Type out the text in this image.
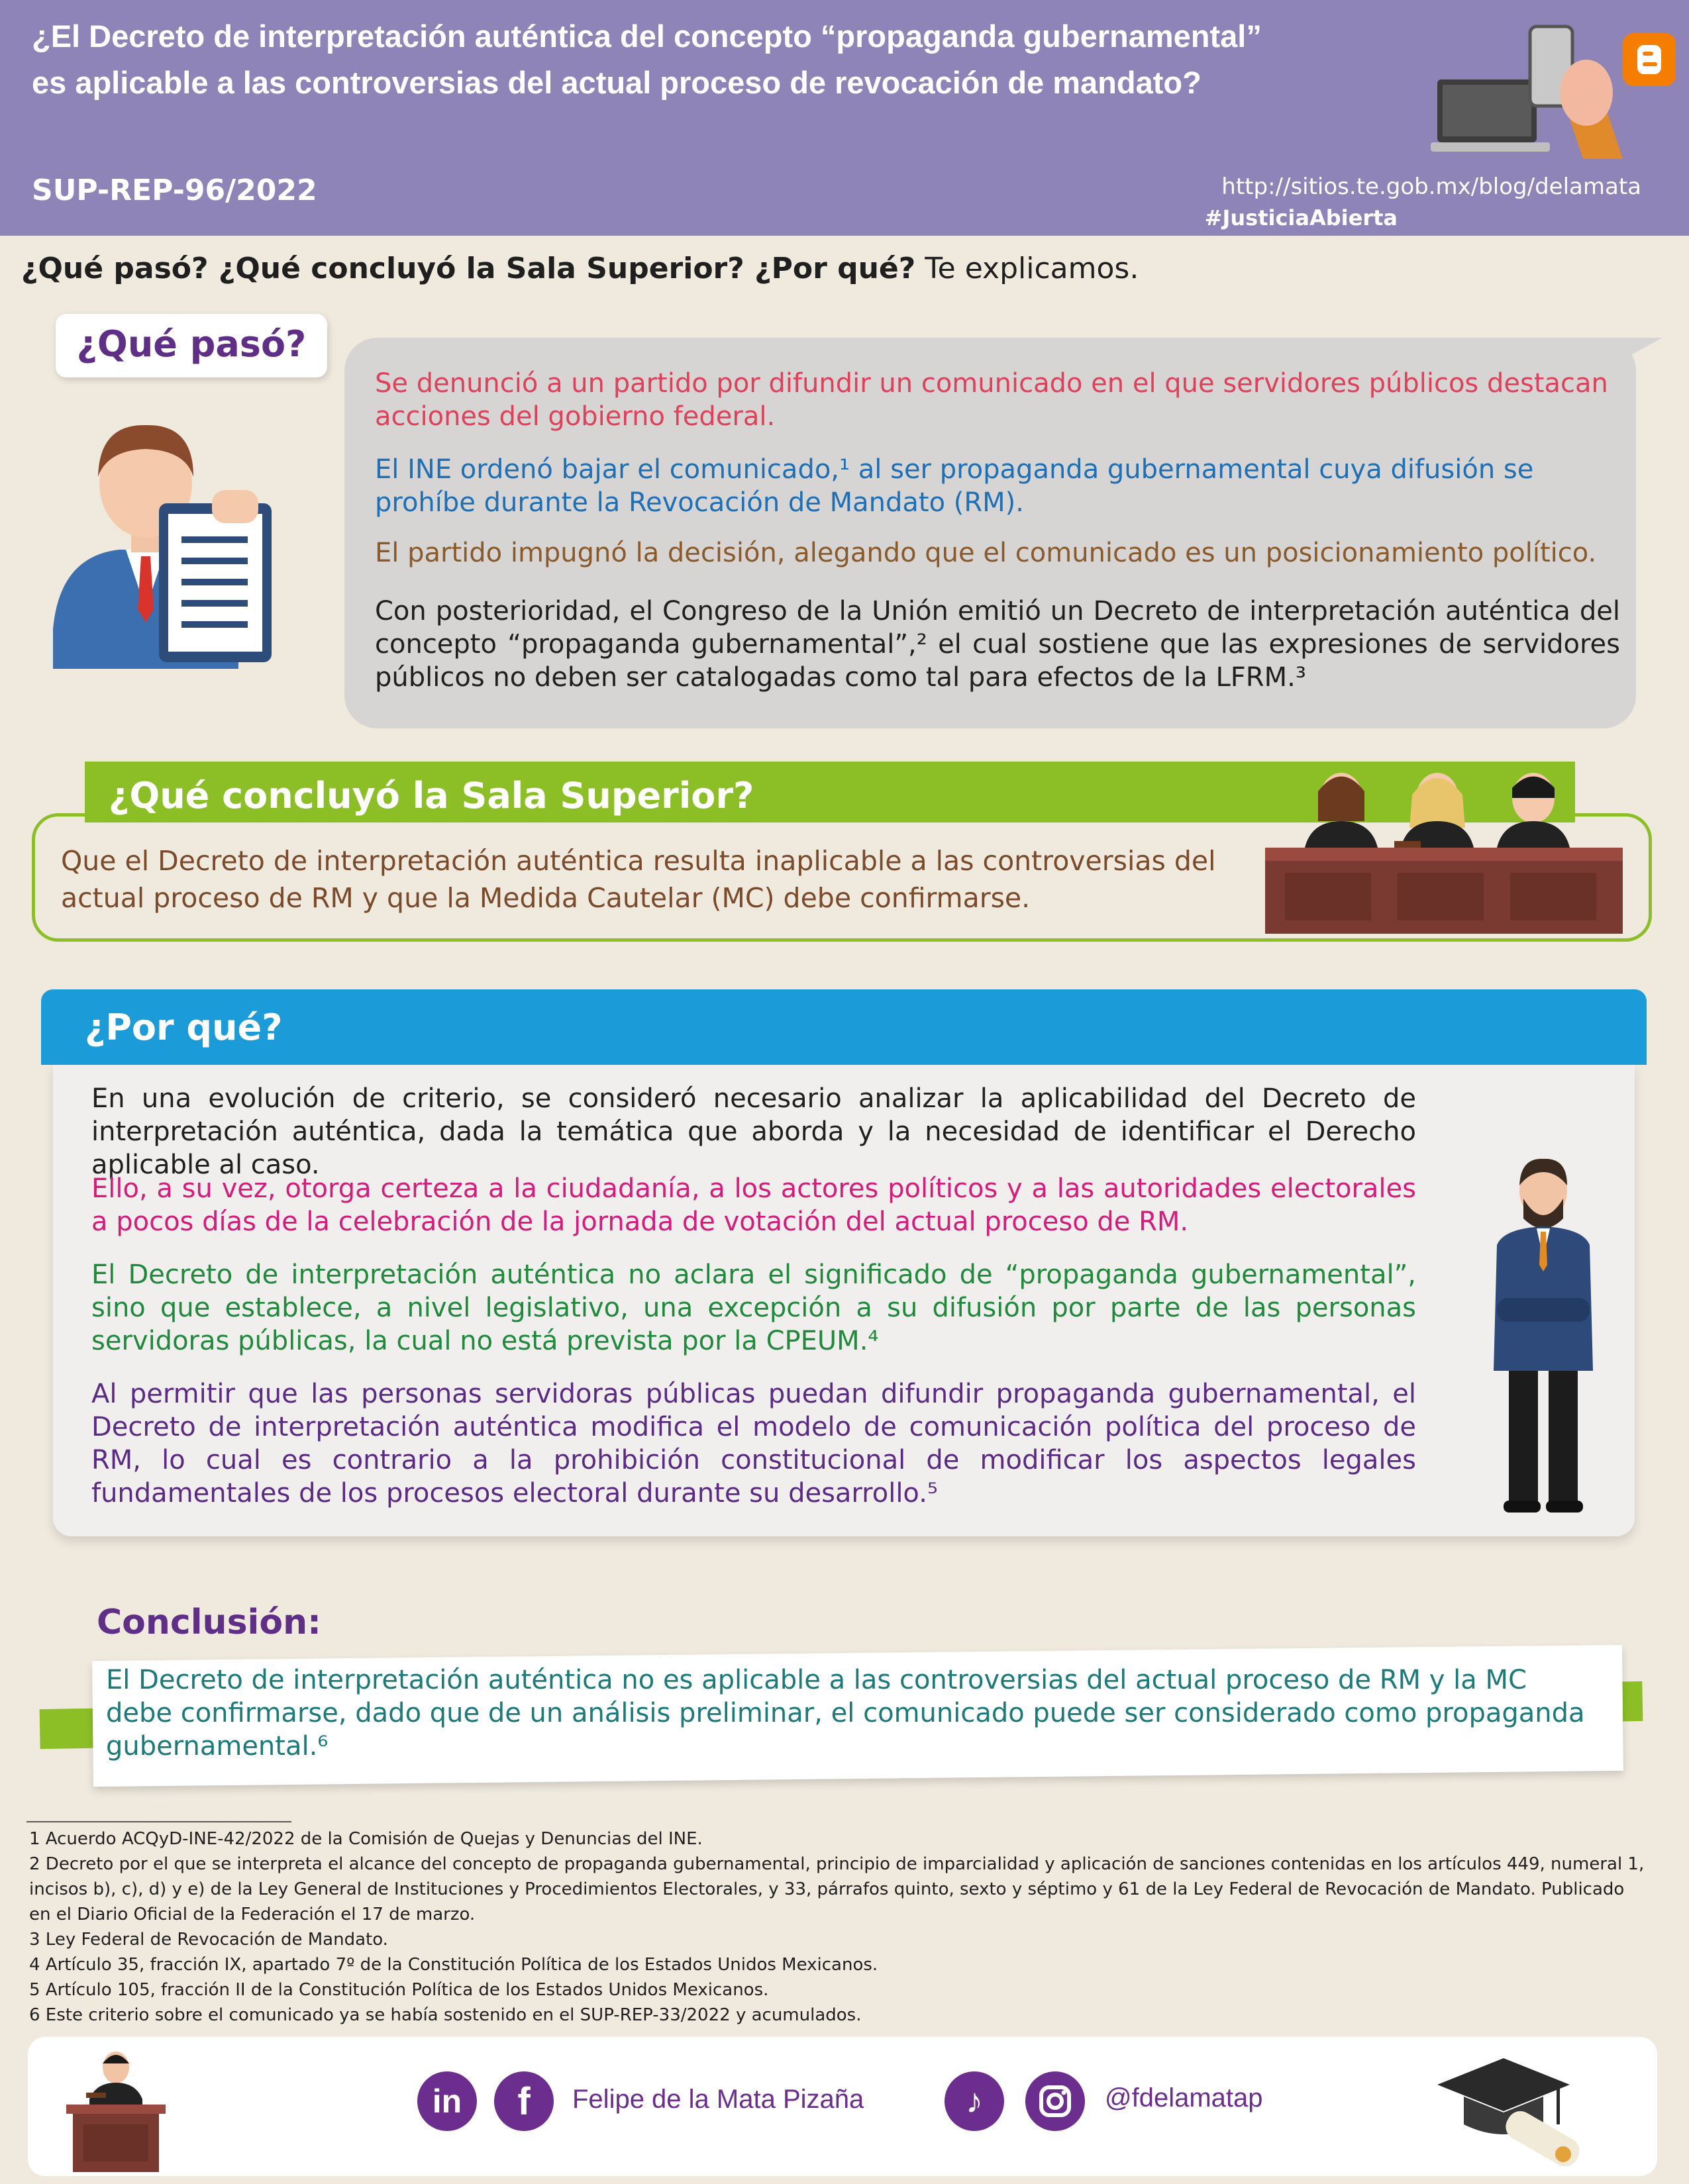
¿El Decreto de interpretación auténtica del concepto “propaganda gubernamental”
es aplicable a las controversias del actual proceso de revocación de mandato?
SUP-REP-96/2022	http://sitios.te.gob.mx/blog/delamata
#JusticiaAbierta
¿Qué pasó? ¿Qué concluyó la Sala Superior? ¿Por qué? Te explicamos.
¿Qué pasó?
Se denunció a un partido por difundir un comunicado en el que servidores públicos destacan acciones del gobierno federal.
El INE ordenó bajar el comunicado,¹ al ser propaganda gubernamental cuya difusión se prohíbe durante la Revocación de Mandato (RM).
El partido impugnó la decisión, alegando que el comunicado es un posicionamiento político.
Con posterioridad, el Congreso de la Unión emitió un Decreto de interpretación auténtica del concepto “propaganda gubernamental”,² el cual sostiene que las expresiones de servidores públicos no deben ser catalogadas como tal para efectos de la LFRM.³
¿Qué concluyó la Sala Superior?
Que el Decreto de interpretación auténtica resulta inaplicable a las controversias del actual proceso de RM y que la Medida Cautelar (MC) debe confirmarse.
¿Por qué?
En una evolución de criterio, se consideró necesario analizar la aplicabilidad del Decreto de interpretación auténtica, dada la temática que aborda y la necesidad de identificar el Derecho aplicable al caso.
Ello, a su vez, otorga certeza a la ciudadanía, a los actores políticos y a las autoridades electorales a pocos días de la celebración de la jornada de votación del actual proceso de RM.
El Decreto de interpretación auténtica no aclara el significado de “propaganda gubernamental”, sino que establece, a nivel legislativo, una excepción a su difusión por parte de las personas servidoras públicas, la cual no está prevista por la CPEUM.⁴
Al permitir que las personas servidoras públicas puedan difundir propaganda gubernamental, el Decreto de interpretación auténtica modifica el modelo de comunicación política del proceso de RM, lo cual es contrario a la prohibición constitucional de modificar los aspectos legales fundamentales de los procesos electoral durante su desarrollo.⁵
Conclusión:
El Decreto de interpretación auténtica no es aplicable a las controversias del actual proceso de RM y la MC debe confirmarse, dado que de un análisis preliminar, el comunicado puede ser considerado como propaganda gubernamental.⁶
1 Acuerdo ACQyD-INE-42/2022 de la Comisión de Quejas y Denuncias del INE.
2 Decreto por el que se interpreta el alcance del concepto de propaganda gubernamental, principio de imparcialidad y aplicación de sanciones contenidas en los artículos 449, numeral 1, incisos b), c), d) y e) de la Ley General de Instituciones y Procedimientos Electorales, y 33, párrafos quinto, sexto y séptimo y 61 de la Ley Federal de Revocación de Mandato. Publicado en el Diario Oficial de la Federación el 17 de marzo.
3 Ley Federal de Revocación de Mandato.
4 Artículo 35, fracción IX, apartado 7º de la Constitución Política de los Estados Unidos Mexicanos.
5 Artículo 105, fracción II de la Constitución Política de los Estados Unidos Mexicanos.
6 Este criterio sobre el comunicado ya se había sostenido en el SUP-REP-33/2022 y acumulados.
in	f	Felipe de la Mata Pizaña	♪	@fdelamatap
